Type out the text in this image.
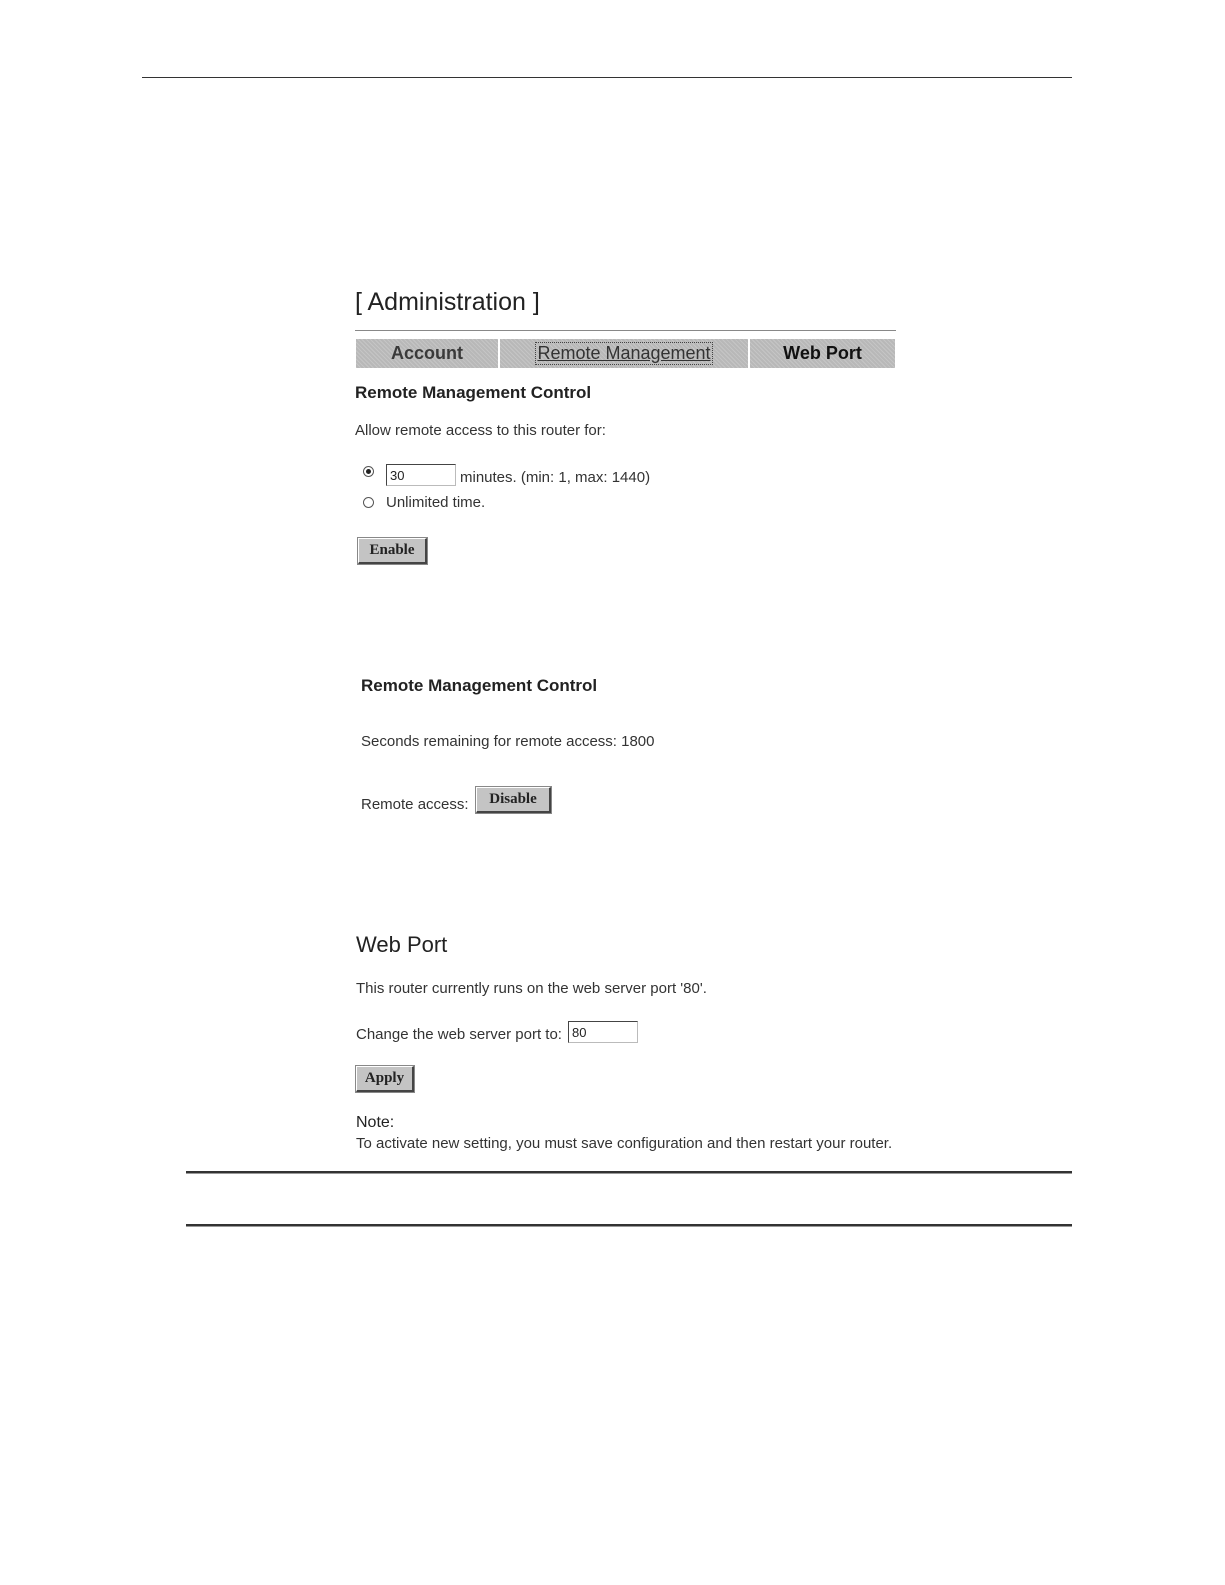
[ Administration ]
Account	Remote Management	Web Port
Remote Management Control
Allow remote access to this router for:
30
minutes. (min: 1, max: 1440)
Unlimited time.
Enable
Remote Management Control
Seconds remaining for remote access: 1800
Remote access:	Disable
Web Port
This router currently runs on the web server port '80'.
Change the web server port to:
80
Apply
Note:
To activate new setting, you must save configuration and then restart your router.
